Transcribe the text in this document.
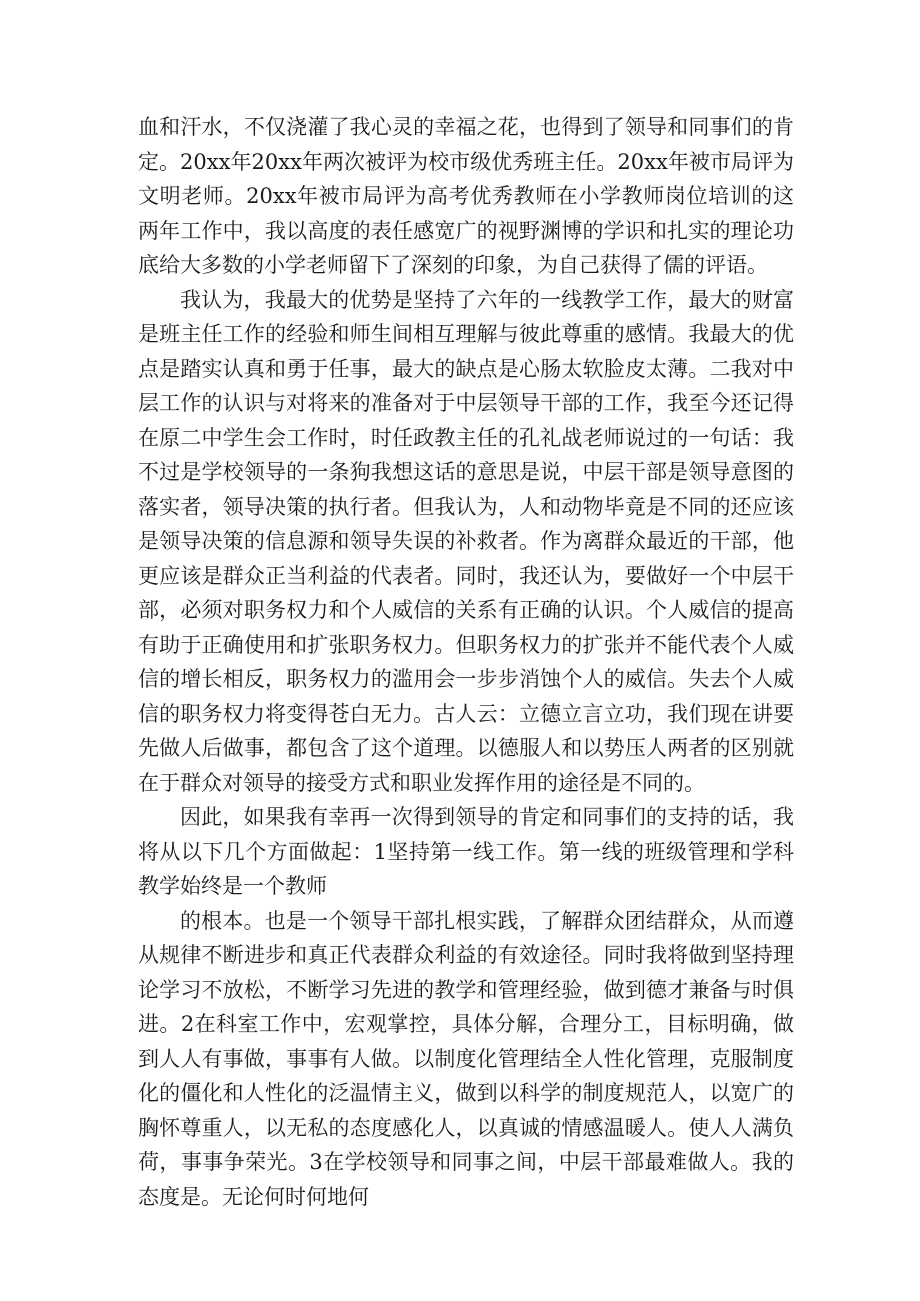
血和汗水，不仅浇灌了我心灵的幸福之花，也得到了领导和同事们的肯定。20xx年20xx年两次被评为校市级优秀班主任。20xx年被市局评为文明老师。20xx年被市局评为高考优秀教师在小学教师岗位培训的这两年工作中，我以高度的表任感宽广的视野渊博的学识和扎实的理论功底给大多数的小学老师留下了深刻的印象，为自己获得了儒的评语。

我认为，我最大的优势是坚持了六年的一线教学工作，最大的财富是班主任工作的经验和师生间相互理解与彼此尊重的感情。我最大的优点是踏实认真和勇于任事，最大的缺点是心肠太软脸皮太薄。二我对中层工作的认识与对将来的准备对于中层领导干部的工作，我至今还记得在原二中学生会工作时，时任政教主任的孔礼战老师说过的一句话：我不过是学校领导的一条狗我想这话的意思是说，中层干部是领导意图的落实者，领导决策的执行者。但我认为，人和动物毕竟是不同的还应该是领导决策的信息源和领导失误的补救者。作为离群众最近的干部，他更应该是群众正当利益的代表者。同时，我还认为，要做好一个中层干部，必须对职务权力和个人威信的关系有正确的认识。个人威信的提高有助于正确使用和扩张职务权力。但职务权力的扩张并不能代表个人威信的增长相反，职务权力的滥用会一步步消蚀个人的威信。失去个人威信的职务权力将变得苍白无力。古人云：立德立言立功，我们现在讲要先做人后做事，都包含了这个道理。以德服人和以势压人两者的区别就在于群众对领导的接受方式和职业发挥作用的途径是不同的。

因此，如果我有幸再一次得到领导的肯定和同事们的支持的话，我将从以下几个方面做起：1坚持第一线工作。第一线的班级管理和学科教学始终是一个教师

的根本。也是一个领导干部扎根实践，了解群众团结群众，从而遵从规律不断进步和真正代表群众利益的有效途径。同时我将做到坚持理论学习不放松，不断学习先进的教学和管理经验，做到德才兼备与时俱进。2在科室工作中，宏观掌控，具体分解，合理分工，目标明确，做到人人有事做，事事有人做。以制度化管理结全人性化管理，克服制度化的僵化和人性化的泛温情主义，做到以科学的制度规范人，以宽广的胸怀尊重人，以无私的态度感化人，以真诚的情感温暖人。使人人满负荷，事事争荣光。3在学校领导和同事之间，中层干部最难做人。我的态度是。无论何时何地何
